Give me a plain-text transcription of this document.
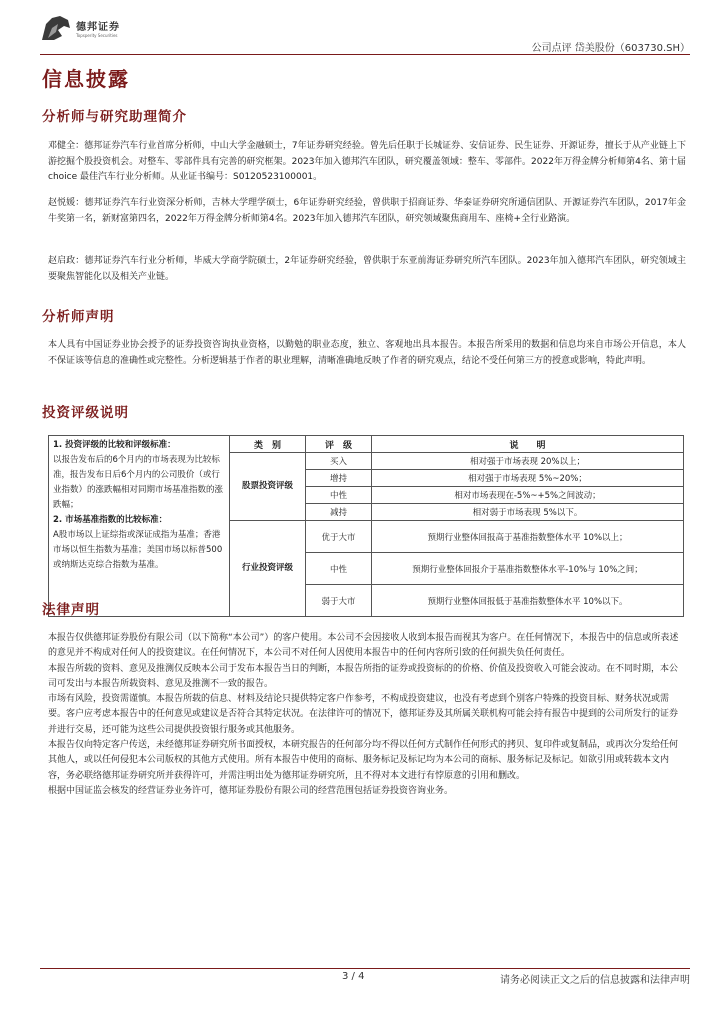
德邦证券
Topsperity Securities
公司点评 岱美股份（603730.SH）
信息披露
分析师与研究助理简介
邓健全：德邦证券汽车行业首席分析师，中山大学金融硕士，7年证券研究经验。曾先后任职于长城证券、安信证券、民生证券、开源证券，擅长于从产业链上下游挖掘个股投资机会。对整车、零部件具有完善的研究框架。2023年加入德邦汽车团队，研究覆盖领域：整车、零部件。2022年万得金牌分析师第4名、第十届 choice 最佳汽车行业分析师。从业证书编号：S0120523100001。
赵悦媛：德邦证券汽车行业资深分析师，吉林大学理学硕士，6年证券研究经验，曾供职于招商证券、华泰证券研究所通信团队、开源证券汽车团队，2017年金牛奖第一名，新财富第四名，2022年万得金牌分析师第4名。2023年加入德邦汽车团队，研究领域聚焦商用车、座椅+全行业路演。
赵启政：德邦证券汽车行业分析师，毕威大学商学院硕士，2年证券研究经验，曾供职于东亚前海证券研究所汽车团队。2023年加入德邦汽车团队，研究领域主要聚焦智能化以及相关产业链。
分析师声明
本人具有中国证券业协会授予的证券投资咨询执业资格，以勤勉的职业态度，独立、客观地出具本报告。本报告所采用的数据和信息均来自市场公开信息，本人不保证该等信息的准确性或完整性。分析逻辑基于作者的职业理解，清晰准确地反映了作者的研究观点，结论不受任何第三方的授意或影响，特此声明。
投资评级说明
1. 投资评级的比较和评级标准：
以报告发布后的6个月内的市场表现为比较标准，报告发布日后6个月内的公司股价（或行业指数）的涨跌幅相对同期市场基准指数的涨跌幅；
2. 市场基准指数的比较标准：
A股市场以上证综指或深证成指为基准；香港市场以恒生指数为基准；美国市场以标普500或纳斯达克综合指数为基准。	类　别	评　级	说　　明
	股票投资评级	买入	相对强于市场表现 20%以上；
		增持	相对强于市场表现 5%~20%；
		中性	相对市场表现在-5%~+5%之间波动；
		减持	相对弱于市场表现 5%以下。
	行业投资评级	优于大市	预期行业整体回报高于基准指数整体水平 10%以上；
		中性	预期行业整体回报介于基准指数整体水平-10%与 10%之间；
		弱于大市	预期行业整体回报低于基准指数整体水平 10%以下。
法律声明

本报告仅供德邦证券股份有限公司（以下简称“本公司”）的客户使用。本公司不会因接收人收到本报告而视其为客户。在任何情况下，本报告中的信息或所表述的意见并不构成对任何人的投资建议。在任何情况下，本公司不对任何人因使用本报告中的任何内容所引致的任何损失负任何责任。

本报告所载的资料、意见及推测仅反映本公司于发布本报告当日的判断，本报告所指的证券或投资标的的价格、价值及投资收入可能会波动。在不同时期，本公司可发出与本报告所载资料、意见及推测不一致的报告。

市场有风险，投资需谨慎。本报告所载的信息、材料及结论只提供特定客户作参考，不构成投资建议，也没有考虑到个别客户特殊的投资目标、财务状况或需要。客户应考虑本报告中的任何意见或建议是否符合其特定状况。在法律许可的情况下，德邦证券及其所属关联机构可能会持有报告中提到的公司所发行的证券并进行交易，还可能为这些公司提供投资银行服务或其他服务。

本报告仅向特定客户传送，未经德邦证券研究所书面授权，本研究报告的任何部分均不得以任何方式制作任何形式的拷贝、复印件或复制品，或再次分发给任何其他人，或以任何侵犯本公司版权的其他方式使用。所有本报告中使用的商标、服务标记及标记均为本公司的商标、服务标记及标记。如欲引用或转载本文内容，务必联络德邦证券研究所并获得许可，并需注明出处为德邦证券研究所，且不得对本文进行有悖原意的引用和删改。

根据中国证监会核发的经营证券业务许可，德邦证券股份有限公司的经营范围包括证券投资咨询业务。

3 / 4	请务必阅读正文之后的信息披露和法律声明
